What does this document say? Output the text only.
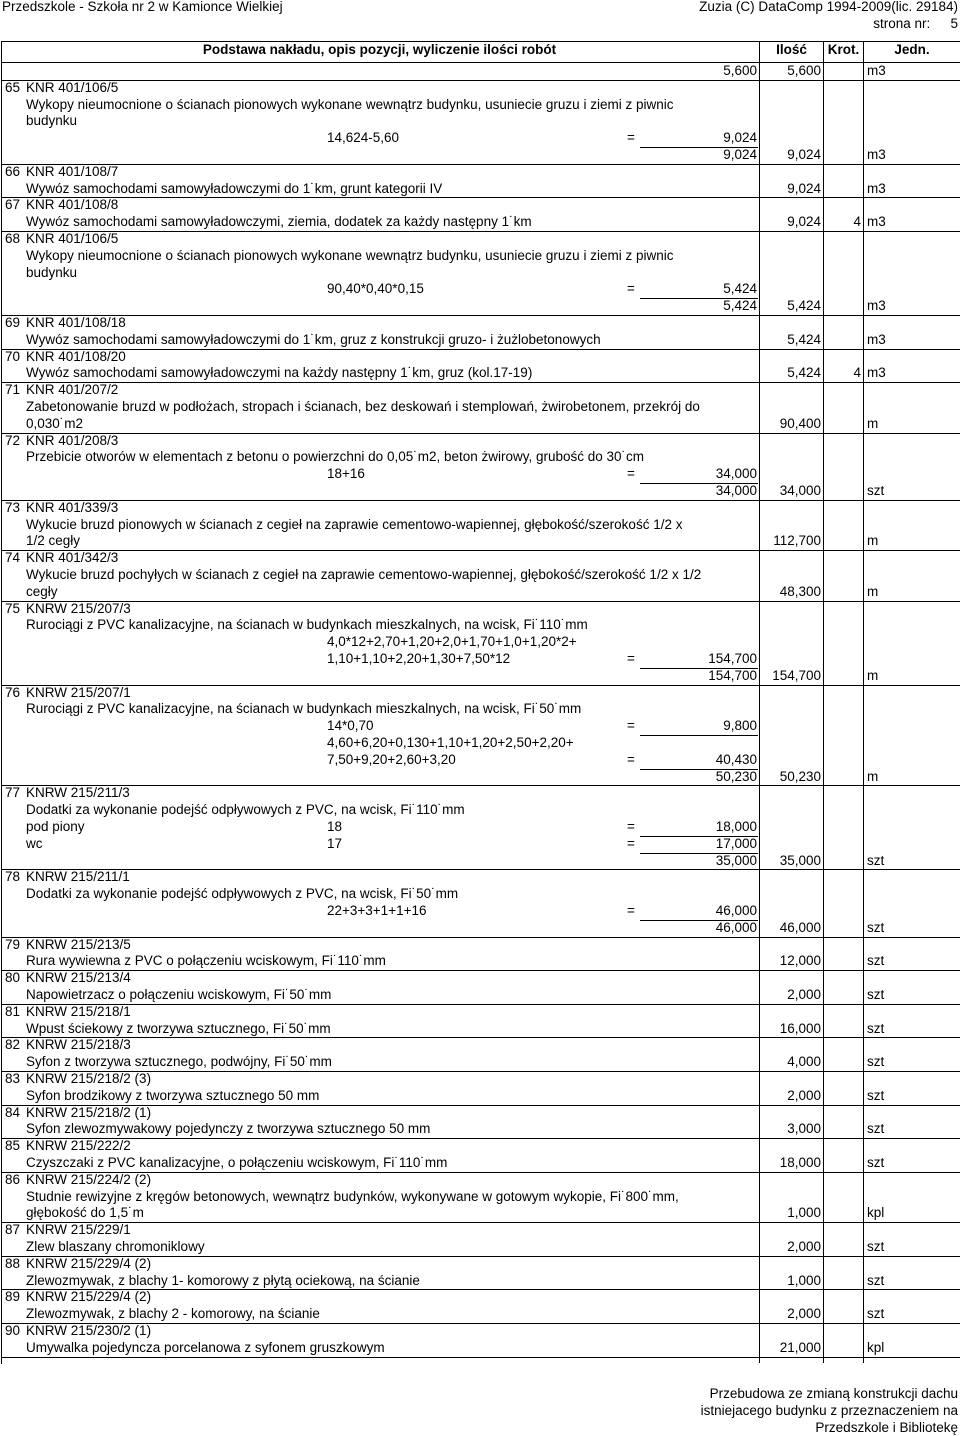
Przedszkole - Szkoła nr 2 w Kamionce Wielkiej	Zuzia (C) DataComp 1994-2009(lic. 29184)
strona nr: 5
Podstawa nakładu, opis pozycji, wyliczenie ilości robót	Ilość	Krot.	Jedn.
5,600	5,600	m3
65 KNR 401/106/5
Wykopy nieumocnione o ścianach pionowych wykonane wewnątrz budynku, usuniecie gruzu i ziemi z piwnic
budynku
14,624-5,60	=	9,024
9,024	9,024	m3
66 KNR 401/108/7
Wywóz samochodami samowyładowczymi do 1˙km, grunt kategorii IV	9,024	m3
67 KNR 401/108/8
Wywóz samochodami samowyładowczymi, ziemia, dodatek za każdy następny 1˙km	9,024	4 m3
68 KNR 401/106/5
Wykopy nieumocnione o ścianach pionowych wykonane wewnątrz budynku, usuniecie gruzu i ziemi z piwnic
budynku
90,40*0,40*0,15	=	5,424
5,424	5,424	m3
69 KNR 401/108/18
Wywóz samochodami samowyładowczymi do 1˙km, gruz z konstrukcji gruzo- i żużlobetonowych	5,424	m3
70 KNR 401/108/20
Wywóz samochodami samowyładowczymi na każdy następny 1˙km, gruz (kol.17-19)	5,424	4 m3
71 KNR 401/207/2
Zabetonowanie bruzd w podłożach, stropach i ścianach, bez deskowań i stemplowań, żwirobetonem, przekrój do
0,030˙m2	90,400	m
72 KNR 401/208/3
Przebicie otworów w elementach z betonu o powierzchni do 0,05˙m2, beton żwirowy, grubość do 30˙cm
18+16	=	34,000
34,000	34,000	szt
73 KNR 401/339/3
Wykucie bruzd pionowych w ścianach z cegieł na zaprawie cementowo-wapiennej, głębokość/szerokość 1/2 x
1/2 cegły	112,700	m
74 KNR 401/342/3
Wykucie bruzd pochyłych w ścianach z cegieł na zaprawie cementowo-wapiennej, głębokość/szerokość 1/2 x 1/2
cegły	48,300	m
75 KNRW 215/207/3
Rurociągi z PVC kanalizacyjne, na ścianach w budynkach mieszkalnych, na wcisk, Fi˙110˙mm
4,0*12+2,70+1,20+2,0+1,70+1,0+1,20*2+
1,10+1,10+2,20+1,30+7,50*12	=	154,700
154,700	154,700	m
76 KNRW 215/207/1
Rurociągi z PVC kanalizacyjne, na ścianach w budynkach mieszkalnych, na wcisk, Fi˙50˙mm
14*0,70	=	9,800
4,60+6,20+0,130+1,10+1,20+2,50+2,20+
7,50+9,20+2,60+3,20	=	40,430
50,230	50,230	m
77 KNRW 215/211/3
Dodatki za wykonanie podejść odpływowych z PVC, na wcisk, Fi˙110˙mm
pod piony	18	=	18,000
wc	17	=	17,000
35,000	35,000	szt
78 KNRW 215/211/1
Dodatki za wykonanie podejść odpływowych z PVC, na wcisk, Fi˙50˙mm
22+3+3+1+1+16	=	46,000
46,000	46,000	szt
79 KNRW 215/213/5
Rura wywiewna z PVC o połączeniu wciskowym, Fi˙110˙mm	12,000	szt
80 KNRW 215/213/4
Napowietrzacz o połączeniu wciskowym, Fi˙50˙mm	2,000	szt
81 KNRW 215/218/1
Wpust ściekowy z tworzywa sztucznego, Fi˙50˙mm	16,000	szt
82 KNRW 215/218/3
Syfon z tworzywa sztucznego, podwójny, Fi˙50˙mm	4,000	szt
83 KNRW 215/218/2 (3)
Syfon brodzikowy z tworzywa sztucznego 50 mm	2,000	szt
84 KNRW 215/218/2 (1)
Syfon zlewozmywakowy pojedynczy z tworzywa sztucznego 50 mm	3,000	szt
85 KNRW 215/222/2
Czyszczaki z PVC kanalizacyjne, o połączeniu wciskowym, Fi˙110˙mm	18,000	szt
86 KNRW 215/224/2 (2)
Studnie rewizyjne z kręgów betonowych, wewnątrz budynków, wykonywane w gotowym wykopie, Fi˙800˙mm,
głębokość do 1,5˙m	1,000	kpl
87 KNRW 215/229/1
Zlew blaszany chromoniklowy	2,000	szt
88 KNRW 215/229/4 (2)
Zlewozmywak, z blachy 1- komorowy z płytą ociekową, na ścianie	1,000	szt
89 KNRW 215/229/4 (2)
Zlewozmywak, z blachy 2 - komorowy, na ścianie	2,000	szt
90 KNRW 215/230/2 (1)
Umywalka pojedyncza porcelanowa z syfonem gruszkowym	21,000	kpl
Przebudowa ze zmianą konstrukcji dachu
istniejacego budynku z przeznaczeniem na
Przedszkole i Bibliotekę
